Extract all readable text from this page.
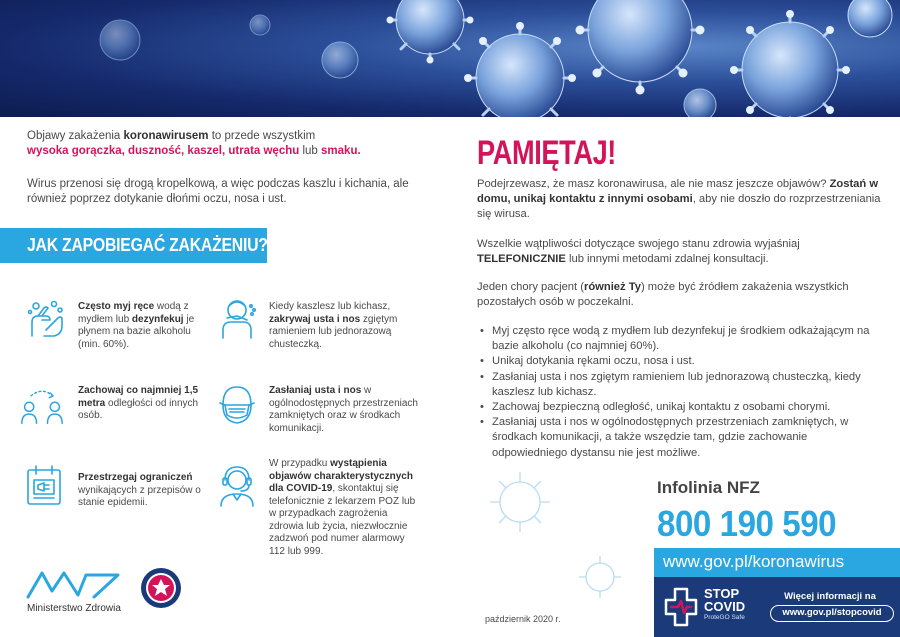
Objawy zakażenia koronawirusem to przede wszystkim
wysoka gorączka, duszność, kaszel, utrata węchu lub smaku.

Wirus przenosi się drogą kropelkową, a więc podczas kaszlu i kichania, ale również poprzez dotykanie dłońmi oczu, nosa i ust.

JAK ZAPOBIEGAĆ ZAKAŻENIU?
Często myj ręce wodą z mydłem lub dezynfekuj je płynem na bazie alkoholu (min. 60%).
Kiedy kaszlesz lub kichasz, zakrywaj usta i nos zgiętym ramieniem lub jednorazową chusteczką.
Zachowaj co najmniej 1,5 metra odległości od innych osób.
Zasłaniaj usta i nos w ogólnodostępnych przestrzeniach zamkniętych oraz w środkach komunikacji.
Przestrzegaj ograniczeń wynikających z przepisów o stanie epidemii.
W przypadku wystąpienia objawów charakterystycznych dla COVID-19, skontaktuj się telefonicznie z lekarzem POZ lub w przypadkach zagrożenia zdrowia lub życia, niezwłocznie zadzwoń pod numer alarmowy 112 lub 999.
Ministerstwo Zdrowia
PAMIĘTAJ!

Podejrzewasz, że masz koronawirusa, ale nie masz jeszcze objawów? Zostań w domu, unikaj kontaktu z innymi osobami, aby nie doszło do rozprzestrzeniania się wirusa.

Wszelkie wątpliwości dotyczące swojego stanu zdrowia wyjaśniaj TELEFONICZNIE lub innymi metodami zdalnej konsultacji.

Jeden chory pacjent (również Ty) może być źródłem zakażenia wszystkich pozostałych osób w poczekalni.

• Myj często ręce wodą z mydłem lub dezynfekuj je środkiem odkażającym na bazie alkoholu (co najmniej 60%).
• Unikaj dotykania rękami oczu, nosa i ust.
• Zasłaniaj usta i nos zgiętym ramieniem lub jednorazową chusteczką, kiedy kaszlesz lub kichasz.
• Zachowaj bezpieczną odległość, unikaj kontaktu z osobami chorymi.
• Zasłaniaj usta i nos w ogólnodostępnych przestrzeniach zamkniętych, w środkach komunikacji, a także wszędzie tam, gdzie zachowanie odpowiedniego dystansu nie jest możliwe.
Infolinia NFZ
800 190 590
www.gov.pl/koronawirus
STOP
COVID
ProteGO Safe
Więcej informacji na
www.gov.pl/stopcovid
październik 2020 r.
